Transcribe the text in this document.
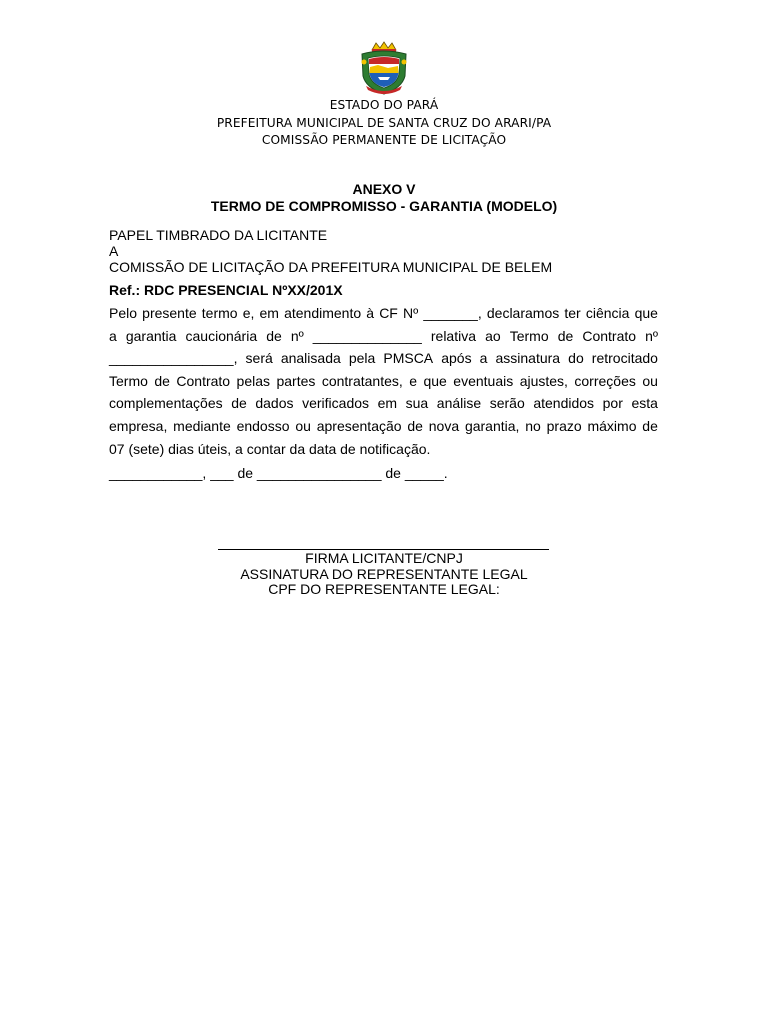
ESTADO DO PARÁ
PREFEITURA MUNICIPAL DE SANTA CRUZ DO ARARI/PA
COMISSÃO PERMANENTE DE LICITAÇÃO
ANEXO V
TERMO DE COMPROMISSO - GARANTIA (MODELO)
PAPEL TIMBRADO DA LICITANTE
A
COMISSÃO DE LICITAÇÃO DA PREFEITURA MUNICIPAL DE BELEM
Ref.: RDC PRESENCIAL NºXX/201X
Pelo presente termo e, em atendimento à CF Nº _______, declaramos ter ciência que
a garantia caucionária de nº ______________ relativa ao Termo de Contrato nº
________________, será analisada pela PMSCA após a assinatura do retrocitado
Termo de Contrato pelas partes contratantes, e que eventuais ajustes, correções ou
complementações de dados verificados em sua análise serão atendidos por esta
empresa, mediante endosso ou apresentação de nova garantia, no prazo máximo de
07 (sete) dias úteis, a contar da data de notificação.
____________, ___ de ________________ de _____.
FIRMA LICITANTE/CNPJ
ASSINATURA DO REPRESENTANTE LEGAL
CPF DO REPRESENTANTE LEGAL:
